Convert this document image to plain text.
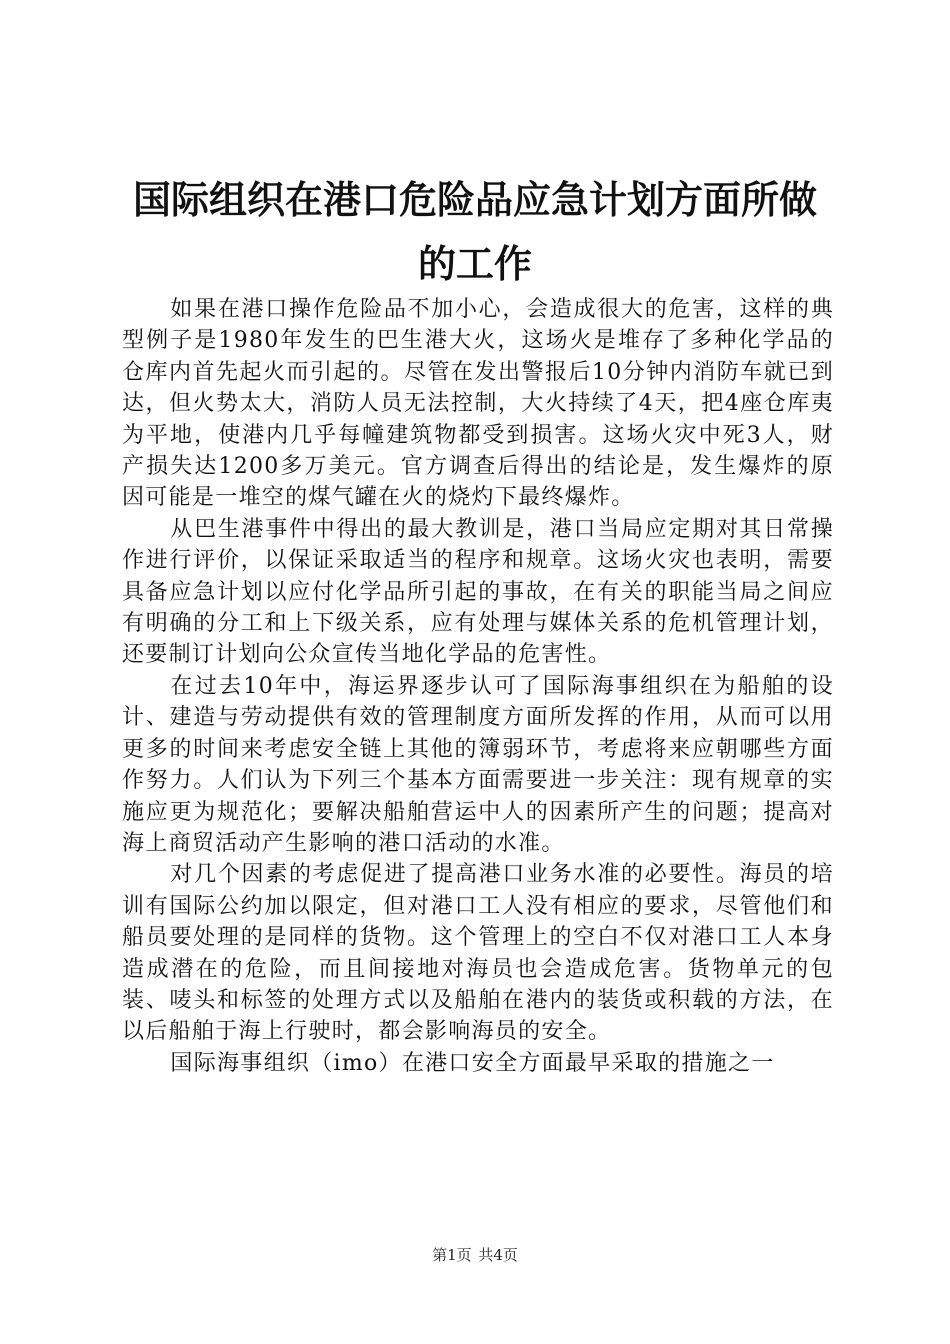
国际组织在港口危险品应急计划方面所做的工作

如果在港口操作危险品不加小心，会造成很大的危害，这样的典型例子是1980年发生的巴生港大火，这场火是堆存了多种化学品的仓库内首先起火而引起的。尽管在发出警报后10分钟内消防车就已到达，但火势太大，消防人员无法控制，大火持续了4天，把4座仓库夷为平地，使港内几乎每幢建筑物都受到损害。这场火灾中死3人，财产损失达1200多万美元。官方调查后得出的结论是，发生爆炸的原因可能是一堆空的煤气罐在火的烧灼下最终爆炸。

从巴生港事件中得出的最大教训是，港口当局应定期对其日常操作进行评价，以保证采取适当的程序和规章。这场火灾也表明，需要具备应急计划以应付化学品所引起的事故，在有关的职能当局之间应有明确的分工和上下级关系，应有处理与媒体关系的危机管理计划，还要制订计划向公众宣传当地化学品的危害性。

在过去10年中，海运界逐步认可了国际海事组织在为船舶的设计、建造与劳动提供有效的管理制度方面所发挥的作用，从而可以用更多的时间来考虑安全链上其他的簿弱环节，考虑将来应朝哪些方面作努力。人们认为下列三个基本方面需要进一步关注：现有规章的实施应更为规范化；要解决船舶营运中人的因素所产生的问题；提高对海上商贸活动产生影响的港口活动的水准。

对几个因素的考虑促进了提高港口业务水准的必要性。海员的培训有国际公约加以限定，但对港口工人没有相应的要求，尽管他们和船员要处理的是同样的货物。这个管理上的空白不仅对港口工人本身造成潜在的危险，而且间接地对海员也会造成危害。货物单元的包装、唛头和标签的处理方式以及船舶在港内的装货或积载的方法，在以后船舶于海上行驶时，都会影响海员的安全。

国际海事组织（imo）在港口安全方面最早采取的措施之一

第1页 共4页
